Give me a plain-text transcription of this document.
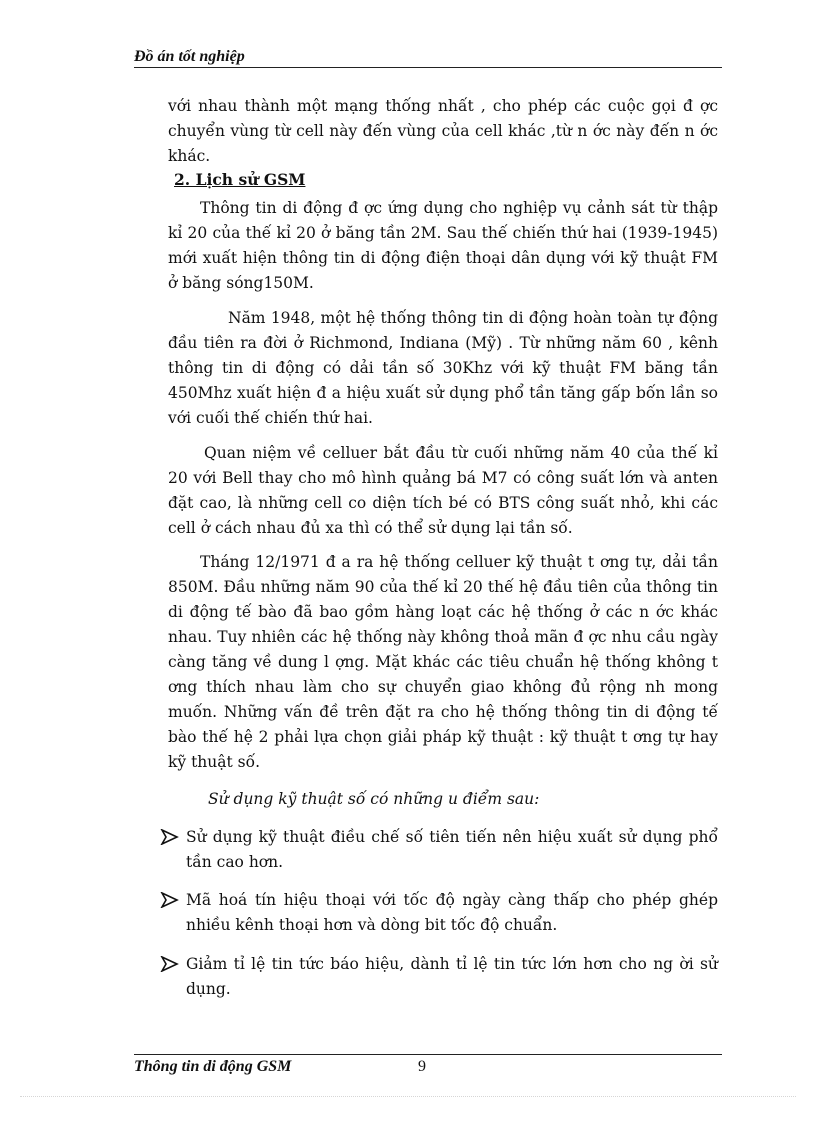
Đồ án tốt nghiệp

với nhau thành một mạng thống nhất , cho phép các cuộc gọi đ ợc chuyển vùng từ cell này đến vùng của cell khác ,từ n ớc này đến n ớc khác.

2. Lịch sử GSM

Thông tin di động đ ợc ứng dụng cho nghiệp vụ cảnh sát từ thập kỉ 20 của thế kỉ 20 ở băng tần 2M. Sau thế chiến thứ hai (1939-1945) mới xuất hiện thông tin di động điện thoại dân dụng với kỹ thuật FM ở băng sóng150M.

Năm 1948, một hệ thống thông tin di động hoàn toàn tự động đầu tiên ra đời ở Richmond, Indiana (Mỹ) . Từ những năm 60 , kênh thông tin di động có dải tần số 30Khz với kỹ thuật FM băng tần 450Mhz xuất hiện đ a hiệu xuất sử dụng phổ tần tăng gấp bốn lần so với cuối thế chiến thứ hai.

Quan niệm về celluer bắt đầu từ cuối những năm 40 của thế kỉ 20 với Bell thay cho mô hình quảng bá M7 có công suất lớn và anten đặt cao, là những cell co diện tích bé có BTS công suất nhỏ, khi các cell ở cách nhau đủ xa thì có thể sử dụng lại tần số.

Tháng 12/1971 đ a ra hệ thống celluer kỹ thuật t ơng tự, dải tần 850M. Đầu những năm 90 của thế kỉ 20 thế hệ đầu tiên của thông tin di động tế bào đã bao gồm hàng loạt các hệ thống ở các n ớc khác nhau. Tuy nhiên các hệ thống này không thoả mãn đ ợc nhu cầu ngày càng tăng về dung l ợng. Mặt khác các tiêu chuẩn hệ thống không t ơng thích nhau làm cho sự chuyển giao không đủ rộng nh mong muốn. Những vấn đề trên đặt ra cho hệ thống thông tin di động tế bào thế hệ 2 phải lựa chọn giải pháp kỹ thuật : kỹ thuật t ơng tự hay kỹ thuật số.

Sử dụng kỹ thuật số có những u điểm sau:
Sử dụng kỹ thuật điều chế số tiên tiến nên hiệu xuất sử dụng phổ tần cao hơn.
Mã hoá tín hiệu thoại với tốc độ ngày càng thấp cho phép ghép nhiều kênh thoại hơn và dòng bit tốc độ chuẩn.
Giảm tỉ lệ tin tức báo hiệu, dành tỉ lệ tin tức lớn hơn cho ng ời sử dụng.
Thông tin di động GSM	9
